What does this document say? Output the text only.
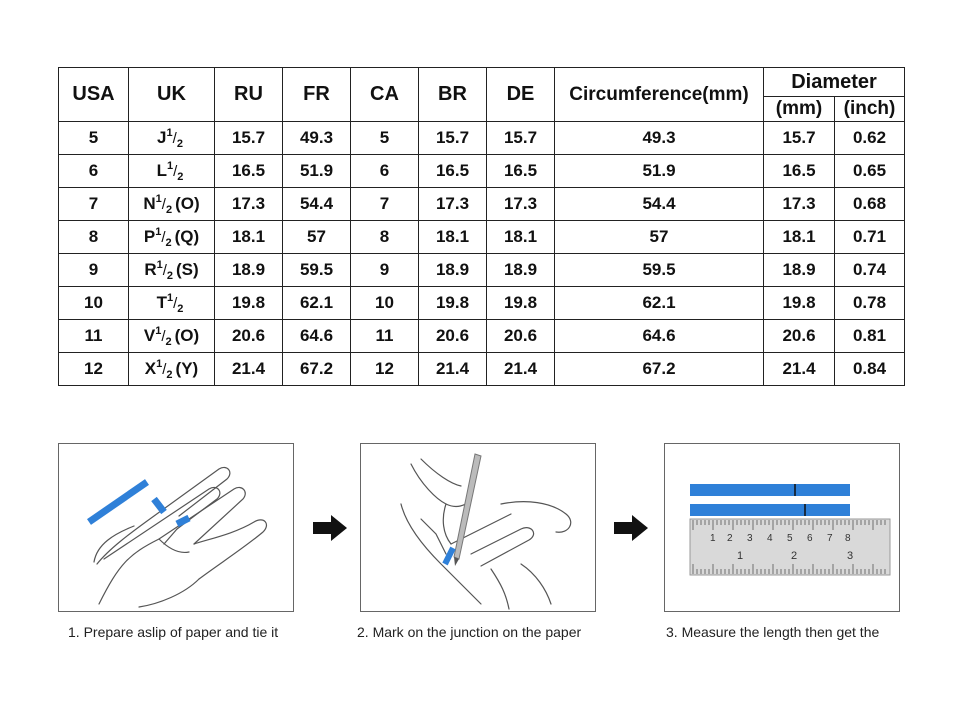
USA	UK	RU	FR	CA	BR	DE	Circumference(mm)	Diameter	
								(mm)	(inch)
5	$J^1/_2$	15.7	49.3	5	15.7	15.7	49.3	15.7	0.62
6	$L^1/_2$	16.5	51.9	6	16.5	16.5	51.9	16.5	0.65
7	$N^1/_2$ (O)	17.3	54.4	7	17.3	17.3	54.4	17.3	0.68
8	$P^1/_2$ (Q)	18.1	57	8	18.1	18.1	57	18.1	0.71
9	$R^1/_2$ (S)	18.9	59.5	9	18.9	18.9	59.5	18.9	0.74
10	$T^1/_2$	19.8	62.1	10	19.8	19.8	62.1	19.8	0.78
11	$V^1/_2$ (O)	20.6	64.6	11	20.6	20.6	64.6	20.6	0.81
12	$X^1/_2$ (Y)	21.4	67.2	12	21.4	21.4	67.2	21.4	0.84
1 2 3 4 5 6 7 8
1	2	3
1. Prepare aslip of paper and tie it	2. Mark on the junction on the paper	3. Measure the length then get the
